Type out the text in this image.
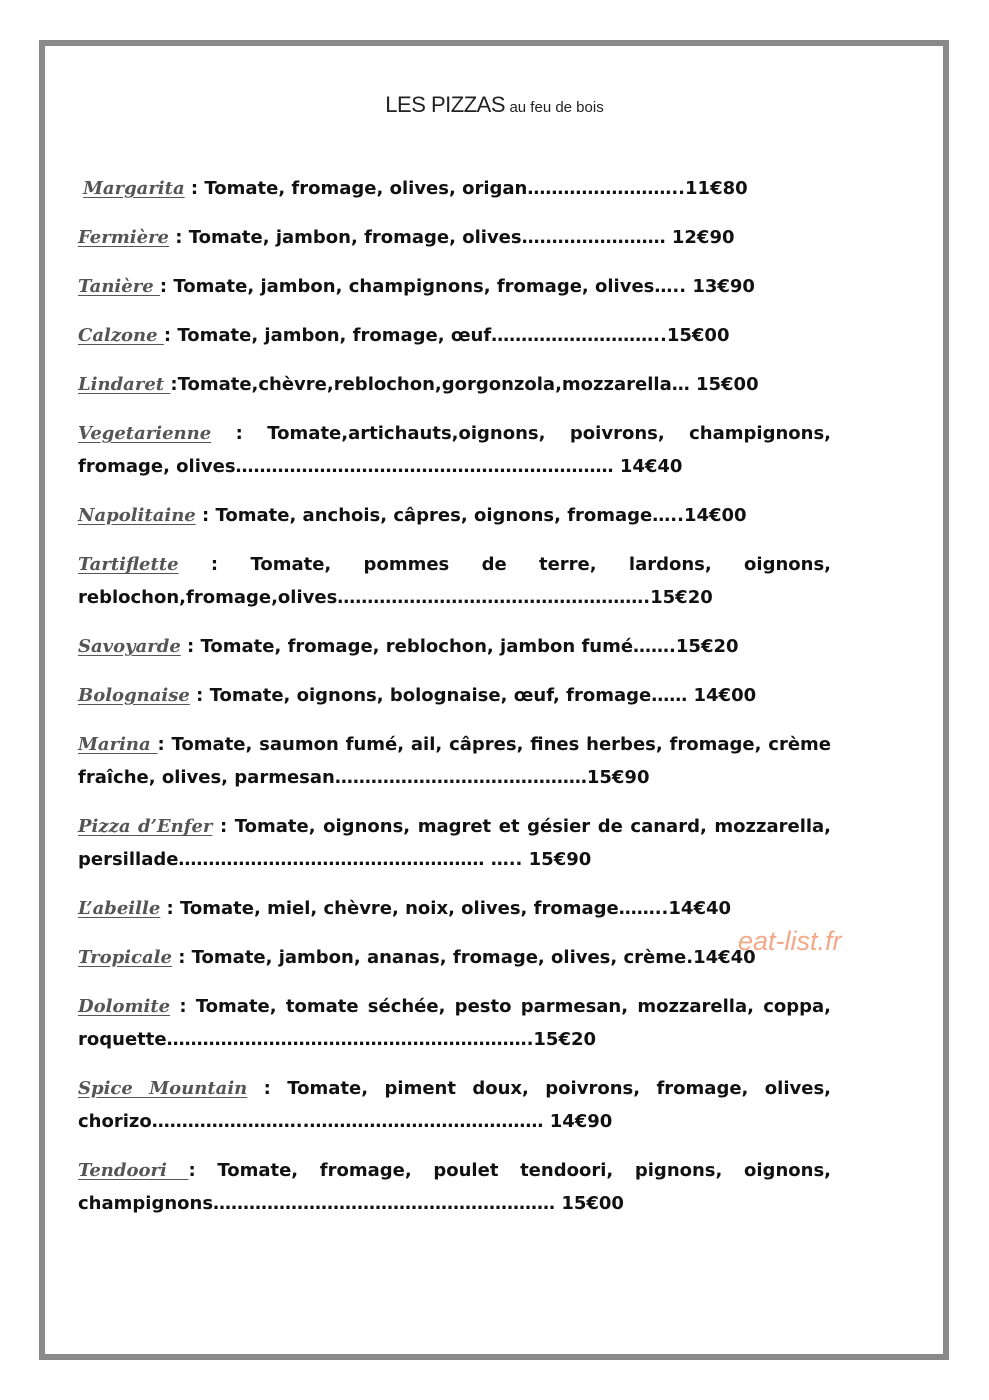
LES PIZZAS au feu de bois
Margarita : Tomate, fromage, olives, origan……………………..11€80
Fermière : Tomate, jambon, fromage, olives…………………… 12€90
Tanière : Tomate, jambon, champignons, fromage, olives….. 13€90
Calzone : Tomate, jambon, fromage, œuf………………………..15€00
Lindaret :Tomate,chèvre,reblochon,gorgonzola,mozzarella… 15€00
Vegetarienne : Tomate,artichauts,oignons, poivrons, champignons, fromage, olives……………………………………………………… 14€40
Napolitaine : Tomate, anchois, câpres, oignons, fromage…..14€00
Tartiflette : Tomate, pommes de terre, lardons, oignons, reblochon,fromage,olives…………………………………………….15€20
Savoyarde : Tomate, fromage, reblochon, jambon fumé…….15€20
Bolognaise : Tomate, oignons, bolognaise, œuf, fromage…… 14€00
Marina : Tomate, saumon fumé, ail, câpres, fines herbes, fromage, crème fraîche, olives, parmesan……………………………………15€90
Pizza d’Enfer : Tomate, oignons, magret et gésier de canard, mozzarella, persillade…………………………………………… ….. 15€90
L’abeille : Tomate, miel, chèvre, noix, olives, fromage……..14€40
Tropicale : Tomate, jambon, ananas, fromage, olives, crème.14€40
Dolomite : Tomate, tomate séchée, pesto parmesan, mozzarella, coppa, roquette…………………………………………………….15€20
Spice Mountain : Tomate, piment doux, poivrons, fromage, olives, chorizo……………………..………………………………… 14€90
Tendoori : Tomate, fromage, poulet tendoori, pignons, oignons, champignons………………………………………………… 15€00
eat-list.fr
